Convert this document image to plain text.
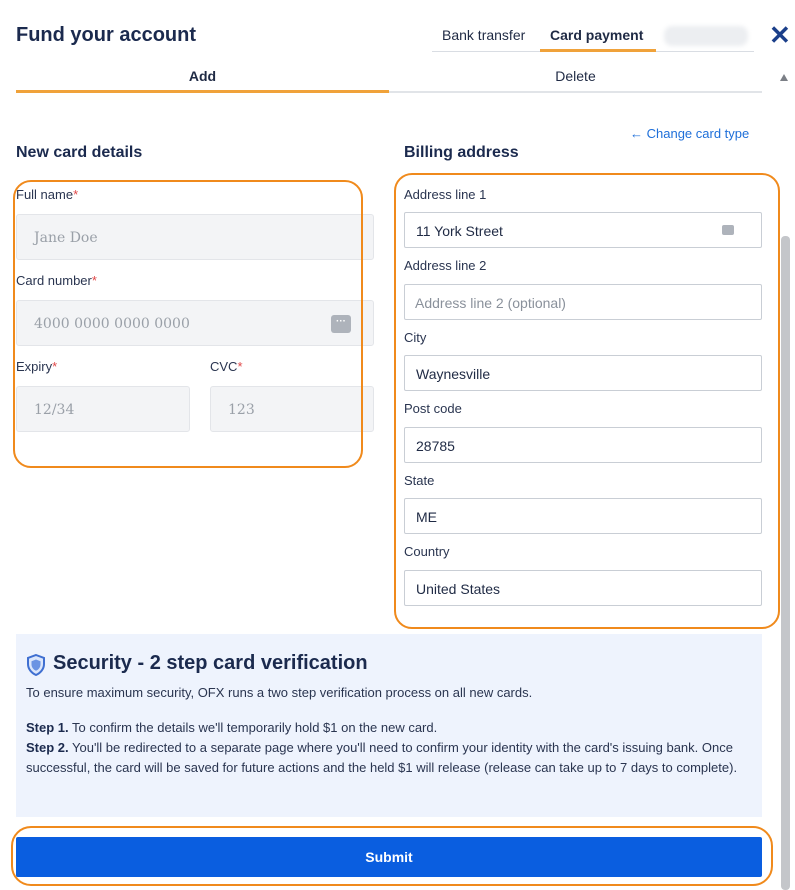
Fund your account	Bank transfer	Card payment	✕
Add	Delete
← Change card type
New card details	Billing address
Full name*
Jane Doe
Card number*
4000 0000 0000 0000	···
Expiry*
12/34
CVC*
123
Address line 1
11 York Street
Address line 2
Address line 2 (optional)
City
Waynesville
Post code
28785
State
ME
Country
United States
Security - 2 step card verification
To ensure maximum security, OFX runs a two step verification process on all new cards.
Step 1. To confirm the details we'll temporarily hold $1 on the new card.
Step 2. You'll be redirected to a separate page where you'll need to confirm your identity with the card's issuing bank. Once successful, the card will be saved for future actions and the held $1 will release (release can take up to 7 days to complete).
Submit
